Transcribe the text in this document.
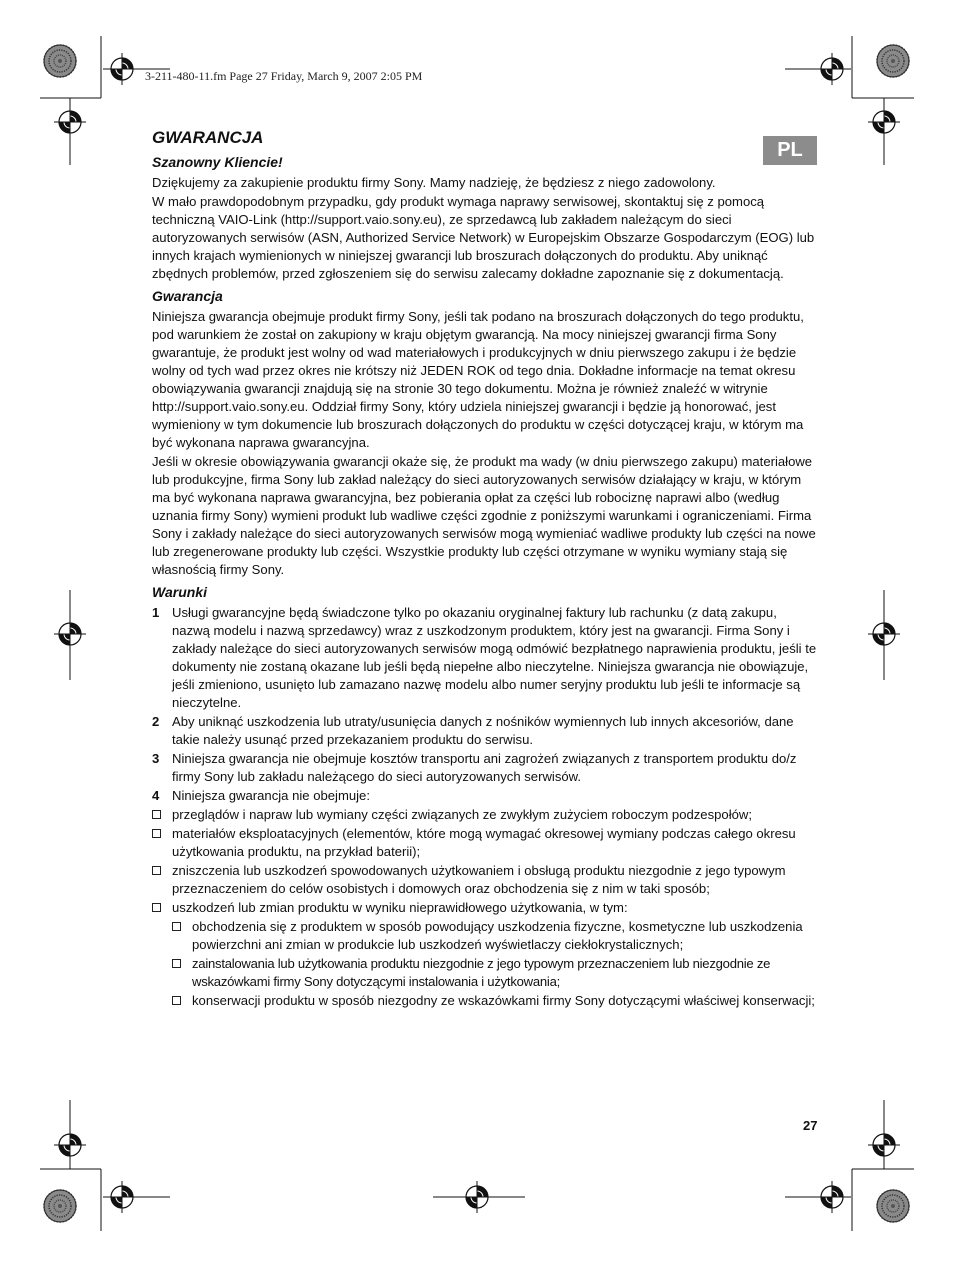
3-211-480-11.fm Page 27 Friday, March 9, 2007 2:05 PM
PL
GWARANCJA
Szanowny Kliencie!

Dziękujemy za zakupienie produktu firmy Sony. Mamy nadzieję, że będziesz z niego zadowolony.

W mało prawdopodobnym przypadku, gdy produkt wymaga naprawy serwisowej, skontaktuj się z pomocą techniczną VAIO-Link (http://support.vaio.sony.eu), ze sprzedawcą lub zakładem należącym do sieci autoryzowanych serwisów (ASN, Authorized Service Network) w Europejskim Obszarze Gospodarczym (EOG) lub innych krajach wymienionych w niniejszej gwarancji lub broszurach dołączonych do produktu. Aby uniknąć zbędnych problemów, przed zgłoszeniem się do serwisu zalecamy dokładne zapoznanie się z dokumentacją.

Gwarancja

Niniejsza gwarancja obejmuje produkt firmy Sony, jeśli tak podano na broszurach dołączonych do tego produktu, pod warunkiem że został on zakupiony w kraju objętym gwarancją. Na mocy niniejszej gwarancji firma Sony gwarantuje, że produkt jest wolny od wad materiałowych i produkcyjnych w dniu pierwszego zakupu i że będzie wolny od tych wad przez okres nie krótszy niż JEDEN ROK od tego dnia. Dokładne informacje na temat okresu obowiązywania gwarancji znajdują się na stronie 30 tego dokumentu. Można je również znaleźć w witrynie http://support.vaio.sony.eu. Oddział firmy Sony, który udziela niniejszej gwarancji i będzie ją honorować, jest wymieniony w tym dokumencie lub broszurach dołączonych do produktu w części dotyczącej kraju, w którym ma być wykonana naprawa gwarancyjna.

Jeśli w okresie obowiązywania gwarancji okaże się, że produkt ma wady (w dniu pierwszego zakupu) materiałowe lub produkcyjne, firma Sony lub zakład należący do sieci autoryzowanych serwisów działający w kraju, w którym ma być wykonana naprawa gwarancyjna, bez pobierania opłat za części lub robociznę naprawi albo (według uznania firmy Sony) wymieni produkt lub wadliwe części zgodnie z poniższymi warunkami i ograniczeniami. Firma Sony i zakłady należące do sieci autoryzowanych serwisów mogą wymieniać wadliwe produkty lub części na nowe lub zregenerowane produkty lub części. Wszystkie produkty lub części otrzymane w wyniku wymiany stają się własnością firmy Sony.

Warunki
1 Usługi gwarancyjne będą świadczone tylko po okazaniu oryginalnej faktury lub rachunku (z datą zakupu, nazwą modelu i nazwą sprzedawcy) wraz z uszkodzonym produktem, który jest na gwarancji. Firma Sony i zakłady należące do sieci autoryzowanych serwisów mogą odmówić bezpłatnego naprawienia produktu, jeśli te dokumenty nie zostaną okazane lub jeśli będą niepełne albo nieczytelne. Niniejsza gwarancja nie obowiązuje, jeśli zmieniono, usunięto lub zamazano nazwę modelu albo numer seryjny produktu lub jeśli te informacje są nieczytelne.
2 Aby uniknąć uszkodzenia lub utraty/usunięcia danych z nośników wymiennych lub innych akcesoriów, dane takie należy usunąć przed przekazaniem produktu do serwisu.
3 Niniejsza gwarancja nie obejmuje kosztów transportu ani zagrożeń związanych z transportem produktu do/z firmy Sony lub zakładu należącego do sieci autoryzowanych serwisów.
4 Niniejsza gwarancja nie obejmuje:
przeglądów i napraw lub wymiany części związanych ze zwykłym zużyciem roboczym podzespołów;
materiałów eksploatacyjnych (elementów, które mogą wymagać okresowej wymiany podczas całego okresu użytkowania produktu, na przykład baterii);
zniszczenia lub uszkodzeń spowodowanych użytkowaniem i obsługą produktu niezgodnie z jego typowym przeznaczeniem do celów osobistych i domowych oraz obchodzenia się z nim w taki sposób;
uszkodzeń lub zmian produktu w wyniku nieprawidłowego użytkowania, w tym:
obchodzenia się z produktem w sposób powodujący uszkodzenia fizyczne, kosmetyczne lub uszkodzenia powierzchni ani zmian w produkcie lub uszkodzeń wyświetlaczy ciekłokrystalicznych;
zainstalowania lub użytkowania produktu niezgodnie z jego typowym przeznaczeniem lub niezgodnie ze wskazówkami firmy Sony dotyczącymi instalowania i użytkowania;
konserwacji produktu w sposób niezgodny ze wskazówkami firmy Sony dotyczącymi właściwej konserwacji;
27
